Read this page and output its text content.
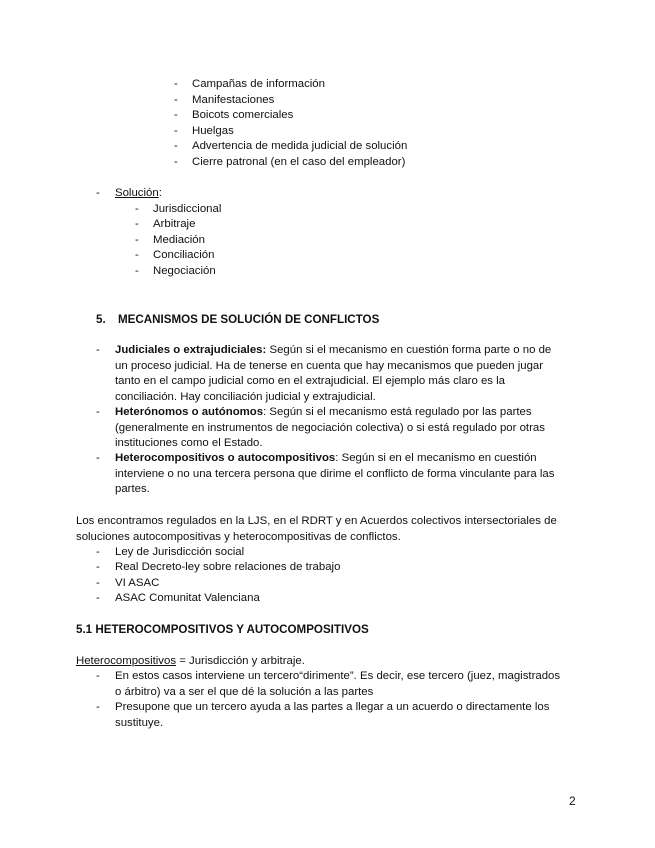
- Campañas de información
- Manifestaciones
- Boicots comerciales
- Huelgas
- Advertencia de medida judicial de solución
- Cierre patronal (en el caso del empleador)
- Solución:
- Jurisdiccional
- Arbitraje
- Mediación
- Conciliación
- Negociación
5. MECANISMOS DE SOLUCIÓN DE CONFLICTOS
- Judiciales o extrajudiciales: Según si el mecanismo en cuestión forma parte o no de
un proceso judicial. Ha de tenerse en cuenta que hay mecanismos que pueden jugar
tanto en el campo judicial como en el extrajudicial. El ejemplo más claro es la
conciliación. Hay conciliación judicial y extrajudicial.
- Heterónomos o autónomos: Según si el mecanismo está regulado por las partes
(generalmente en instrumentos de negociación colectiva) o si está regulado por otras
instituciones como el Estado.
- Heterocompositivos o autocompositivos: Según si en el mecanismo en cuestión
interviene o no una tercera persona que dirime el conflicto de forma vinculante para las
partes.
Los encontramos regulados en la LJS, en el RDRT y en Acuerdos colectivos intersectoriales de
soluciones autocompositivas y heterocompositivas de conflictos.
- Ley de Jurisdicción social
- Real Decreto-ley sobre relaciones de trabajo
- VI ASAC
- ASAC Comunitat Valenciana
5.1 HETEROCOMPOSITIVOS Y AUTOCOMPOSITIVOS
Heterocompositivos = Jurisdicción y arbitraje.
- En estos casos interviene un tercero“dirimente”. Es decir, ese tercero (juez, magistrados
o árbitro) va a ser el que dé la solución a las partes
- Presupone que un tercero ayuda a las partes a llegar a un acuerdo o directamente los
sustituye.
2
